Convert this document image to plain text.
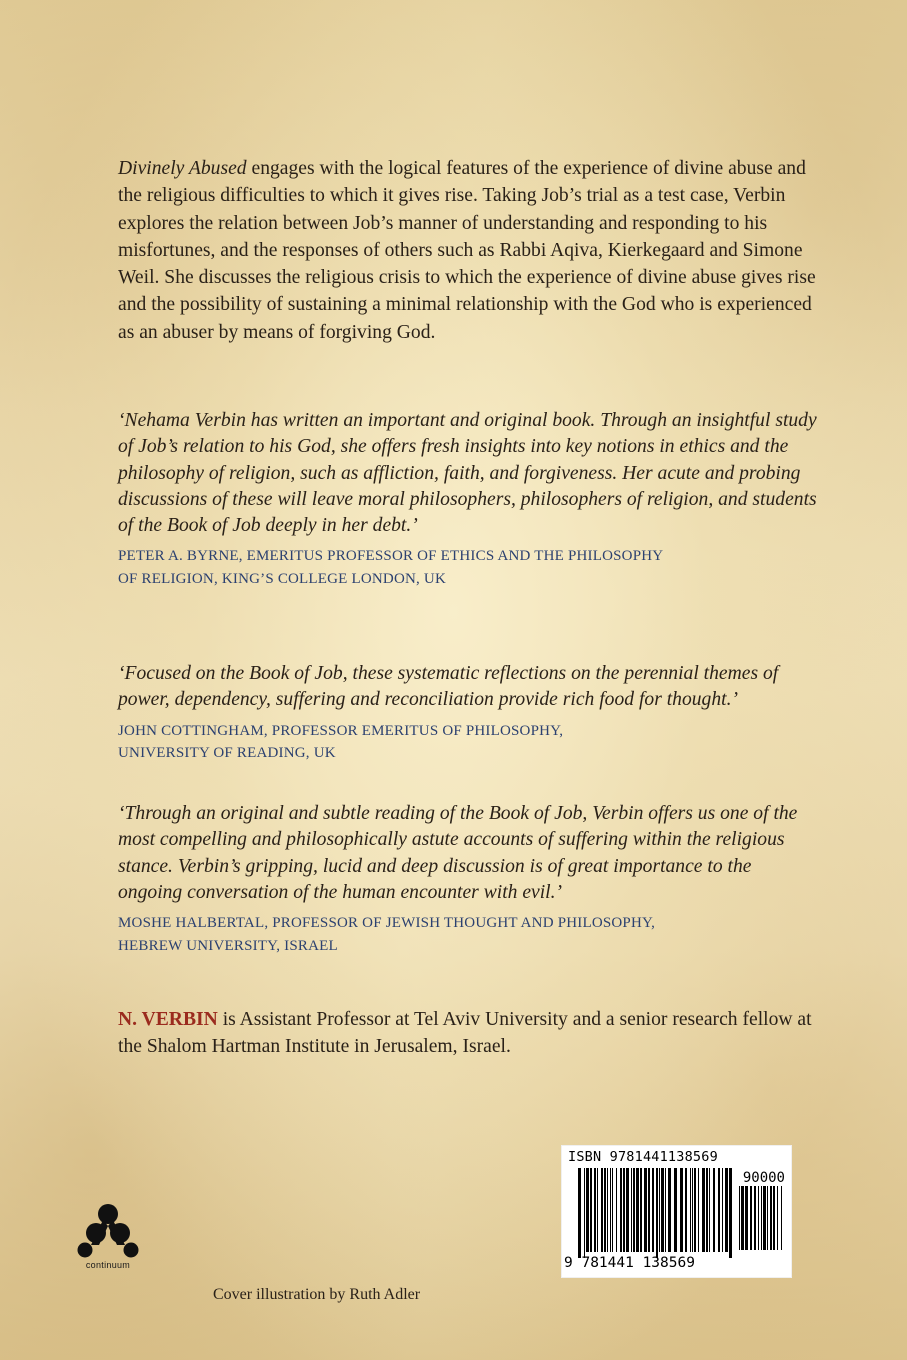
Divinely Abused engages with the logical features of the experience of divine abuse and the religious difficulties to which it gives rise. Taking Job’s trial as a test case, Verbin explores the relation between Job’s manner of understanding and responding to his misfortunes, and the responses of others such as Rabbi Aqiva, Kierkegaard and Simone Weil. She discusses the religious crisis to which the experience of divine abuse gives rise and the possibility of sustaining a minimal relationship with the God who is experienced as an abuser by means of forgiving God.

‘Nehama Verbin has written an important and original book. Through an insightful study of Job’s relation to his God, she offers fresh insights into key notions in ethics and the philosophy of religion, such as affliction, faith, and forgiveness. Her acute and probing discussions of these will leave moral philosophers, philosophers of religion, and students of the Book of Job deeply in her debt.’

PETER A. BYRNE, EMERITUS PROFESSOR OF ETHICS AND THE PHILOSOPHY
OF RELIGION, KING’S COLLEGE LONDON, UK

‘Focused on the Book of Job, these systematic reflections on the perennial themes of power, dependency, suffering and reconciliation provide rich food for thought.’

JOHN COTTINGHAM, PROFESSOR EMERITUS OF PHILOSOPHY,
UNIVERSITY OF READING, UK

‘Through an original and subtle reading of the Book of Job, Verbin offers us one of the most compelling and philosophically astute accounts of suffering within the religious stance. Verbin’s gripping, lucid and deep discussion is of great importance to the ongoing conversation of the human encounter with evil.’

MOSHE HALBERTAL, PROFESSOR OF JEWISH THOUGHT AND PHILOSOPHY,
HEBREW UNIVERSITY, ISRAEL

N. VERBIN is Assistant Professor at Tel Aviv University and a senior research fellow at the Shalom Hartman Institute in Jerusalem, Israel.

continuum
Cover illustration by Ruth Adler
ISBN 9781441138569
90000
9 781441 138569
